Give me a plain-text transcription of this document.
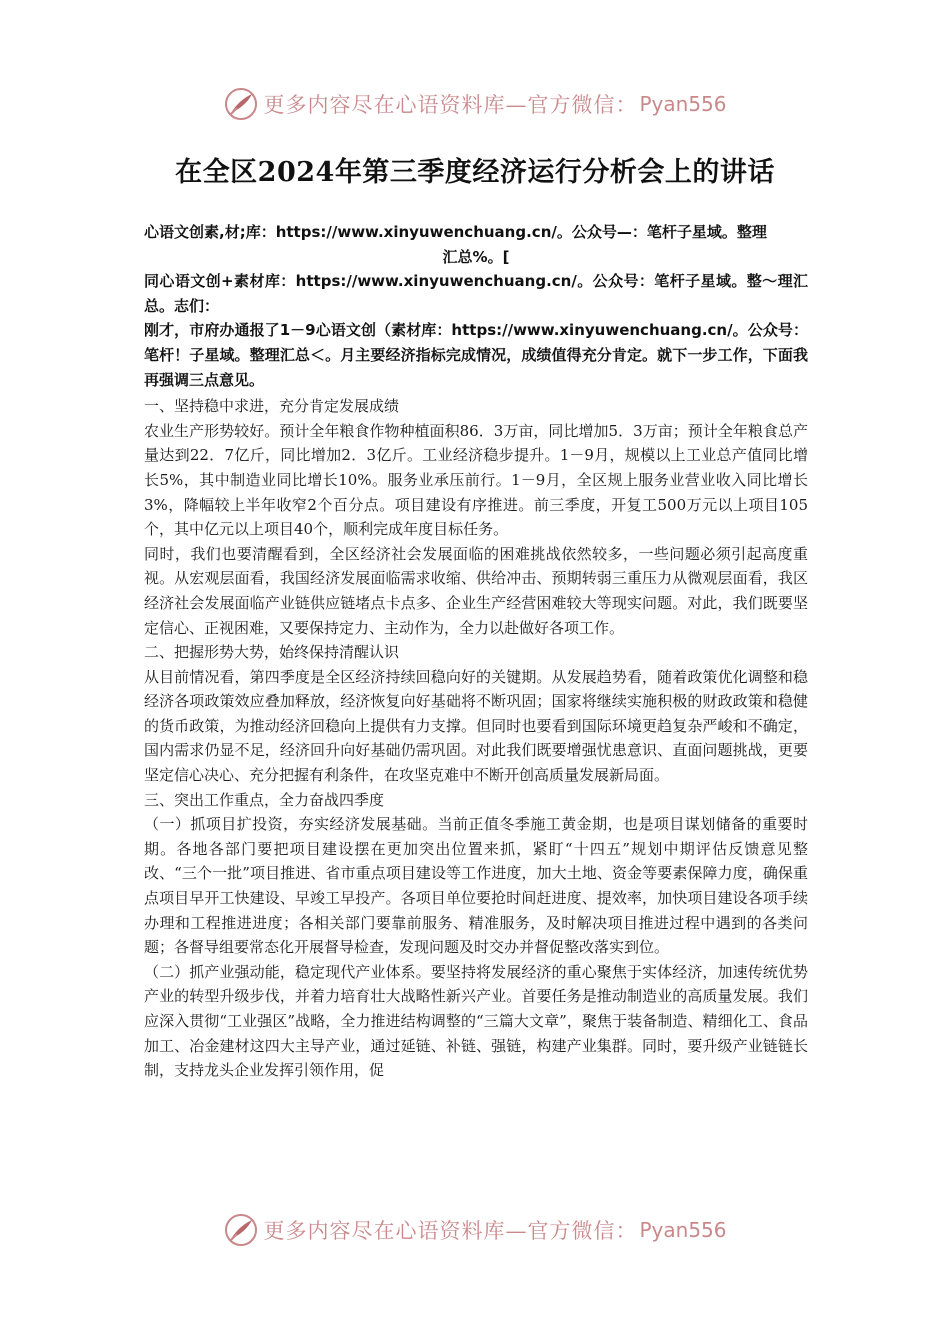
更多内容尽在心语资料库—官方微信： Pyan556
在全区2024年第三季度经济运行分析会上的讲话

心语文创素,材;库：https://www.xinyuwenchuang.cn/。公众号—：笔杆子星域。整理

汇总%。[

同心语文创+素材库：https://www.xinyuwenchuang.cn/。公众号：笔杆子星域。整～理汇总。志们：

刚才，市府办通报了1－9心语文创（素材库：https://www.xinyuwenchuang.cn/。公众号：笔杆！子星域。整理汇总＜。月主要经济指标完成情况，成绩值得充分肯定。就下一步工作，下面我再强调三点意见。

一、坚持稳中求进，充分肯定发展成绩

农业生产形势较好。预计全年粮食作物种植面积86．3万亩，同比增加5．3万亩；预计全年粮食总产量达到22．7亿斤，同比增加2．3亿斤。工业经济稳步提升。1－9月，规模以上工业总产值同比增长5%，其中制造业同比增长10%。服务业承压前行。1－9月，全区规上服务业营业收入同比增长3%，降幅较上半年收窄2个百分点。项目建设有序推进。前三季度，开复工500万元以上项目105个，其中亿元以上项目40个，顺利完成年度目标任务。

同时，我们也要清醒看到，全区经济社会发展面临的困难挑战依然较多，一些问题必须引起高度重视。从宏观层面看，我国经济发展面临需求收缩、供给冲击、预期转弱三重压力从微观层面看，我区经济社会发展面临产业链供应链堵点卡点多、企业生产经营困难较大等现实问题。对此，我们既要坚定信心、正视困难，又要保持定力、主动作为，全力以赴做好各项工作。

二、把握形势大势，始终保持清醒认识

从目前情况看，第四季度是全区经济持续回稳向好的关键期。从发展趋势看，随着政策优化调整和稳经济各项政策效应叠加释放，经济恢复向好基础将不断巩固；国家将继续实施积极的财政政策和稳健的货币政策，为推动经济回稳向上提供有力支撑。但同时也要看到国际环境更趋复杂严峻和不确定，国内需求仍显不足，经济回升向好基础仍需巩固。对此我们既要增强忧患意识、直面问题挑战，更要坚定信心决心、充分把握有利条件，在攻坚克难中不断开创高质量发展新局面。

三、突出工作重点，全力奋战四季度

（一）抓项目扩投资，夯实经济发展基础。当前正值冬季施工黄金期，也是项目谋划储备的重要时期。各地各部门要把项目建设摆在更加突出位置来抓，紧盯“十四五”规划中期评估反馈意见整改、“三个一批”项目推进、省市重点项目建设等工作进度，加大土地、资金等要素保障力度，确保重点项目早开工快建设、早竣工早投产。各项目单位要抢时间赶进度、提效率，加快项目建设各项手续办理和工程推进进度；各相关部门要靠前服务、精准服务，及时解决项目推进过程中遇到的各类问题；各督导组要常态化开展督导检查，发现问题及时交办并督促整改落实到位。

（二）抓产业强动能，稳定现代产业体系。要坚持将发展经济的重心聚焦于实体经济，加速传统优势产业的转型升级步伐，并着力培育壮大战略性新兴产业。首要任务是推动制造业的高质量发展。我们应深入贯彻“工业强区”战略，全力推进结构调整的“三篇大文章”，聚焦于装备制造、精细化工、食品加工、冶金建材这四大主导产业，通过延链、补链、强链，构建产业集群。同时，要升级产业链链长制，支持龙头企业发挥引领作用，促

更多内容尽在心语资料库—官方微信： Pyan556
